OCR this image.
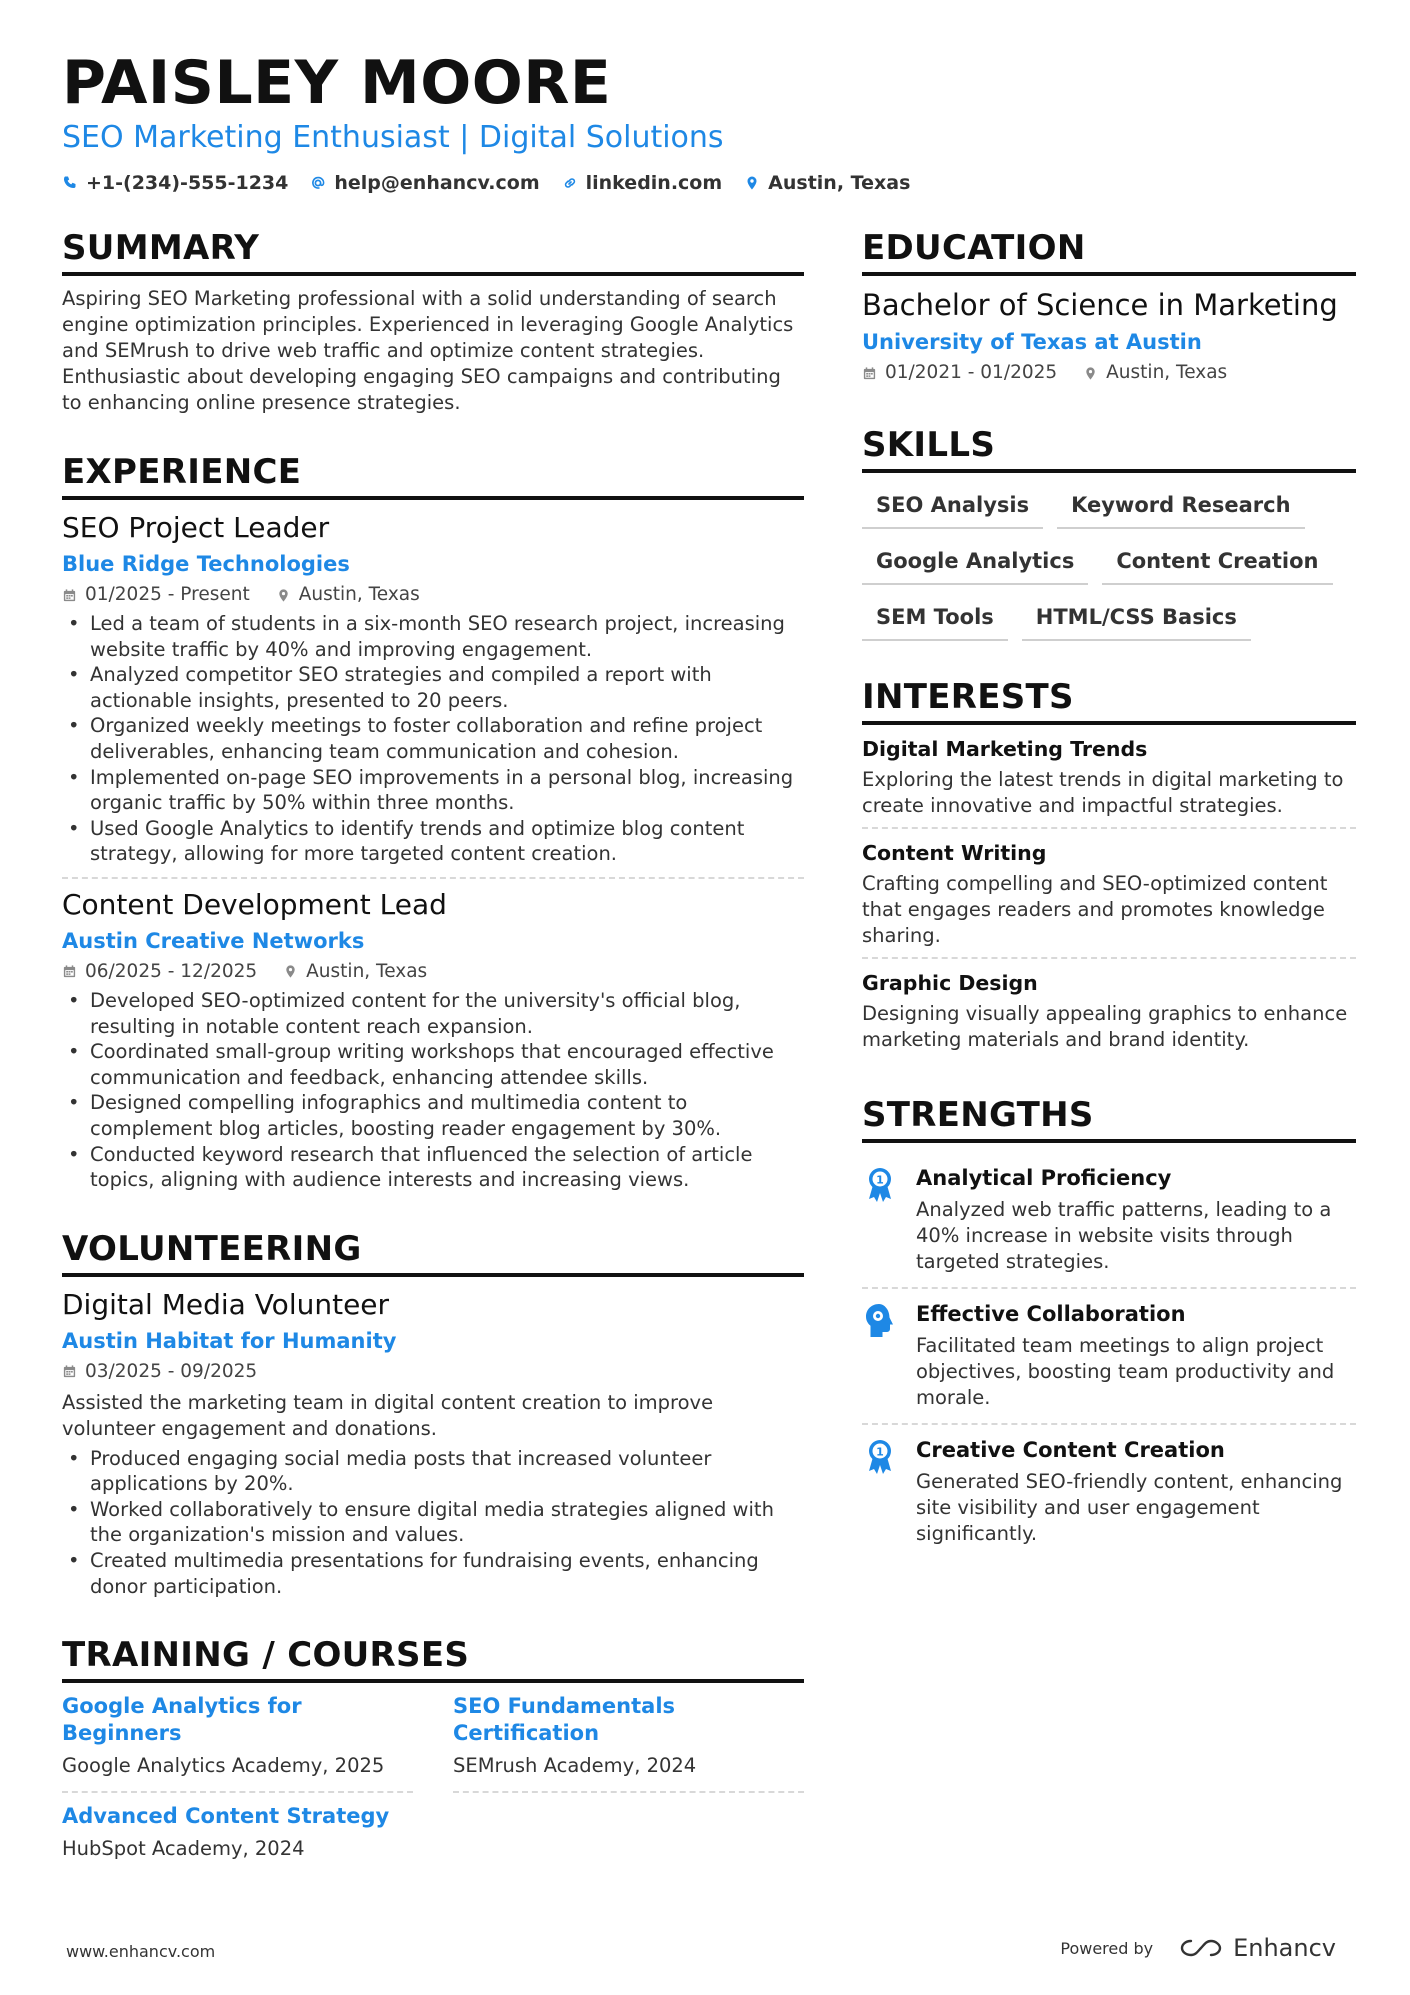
PAISLEY MOORE
SEO Marketing Enthusiast | Digital Solutions
+1-(234)-555-1234 help@enhancv.com linkedin.com Austin, Texas
SUMMARY
Aspiring SEO Marketing professional with a solid understanding of search engine optimization principles. Experienced in leveraging Google Analytics and SEMrush to drive web traffic and optimize content strategies. Enthusiastic about developing engaging SEO campaigns and contributing to enhancing online presence strategies.
EXPERIENCE
SEO Project Leader
Blue Ridge Technologies
01/2025 - Present	Austin, Texas
• Led a team of students in a six-month SEO research project, increasing website traffic by 40% and improving engagement.
• Analyzed competitor SEO strategies and compiled a report with actionable insights, presented to 20 peers.
• Organized weekly meetings to foster collaboration and refine project deliverables, enhancing team communication and cohesion.
• Implemented on-page SEO improvements in a personal blog, increasing organic traffic by 50% within three months.
• Used Google Analytics to identify trends and optimize blog content strategy, allowing for more targeted content creation.
Content Development Lead
Austin Creative Networks
06/2025 - 12/2025	Austin, Texas
• Developed SEO-optimized content for the university's official blog, resulting in notable content reach expansion.
• Coordinated small-group writing workshops that encouraged effective communication and feedback, enhancing attendee skills.
• Designed compelling infographics and multimedia content to complement blog articles, boosting reader engagement by 30%.
• Conducted keyword research that influenced the selection of article topics, aligning with audience interests and increasing views.
VOLUNTEERING
Digital Media Volunteer
Austin Habitat for Humanity
03/2025 - 09/2025
Assisted the marketing team in digital content creation to improve volunteer engagement and donations.
• Produced engaging social media posts that increased volunteer applications by 20%.
• Worked collaboratively to ensure digital media strategies aligned with the organization's mission and values.
• Created multimedia presentations for fundraising events, enhancing donor participation.
TRAINING / COURSES
Google Analytics for Beginners
Google Analytics Academy, 2025
SEO Fundamentals Certification
SEMrush Academy, 2024
Advanced Content Strategy
HubSpot Academy, 2024
EDUCATION
Bachelor of Science in Marketing
University of Texas at Austin
01/2021 - 01/2025	Austin, Texas
SKILLS
SEO Analysis	Keyword Research
Google Analytics	Content Creation
SEM Tools	HTML/CSS Basics
INTERESTS
Digital Marketing Trends
Exploring the latest trends in digital marketing to create innovative and impactful strategies.
Content Writing
Crafting compelling and SEO-optimized content that engages readers and promotes knowledge sharing.
Graphic Design
Designing visually appealing graphics to enhance marketing materials and brand identity.
STRENGTHS
1 Analytical Proficiency
Analyzed web traffic patterns, leading to a 40% increase in website visits through targeted strategies.
Effective Collaboration
Facilitated team meetings to align project objectives, boosting team productivity and morale.
1 Creative Content Creation
Generated SEO-friendly content, enhancing site visibility and user engagement significantly.
www.enhancv.com	Powered by	Enhancv
